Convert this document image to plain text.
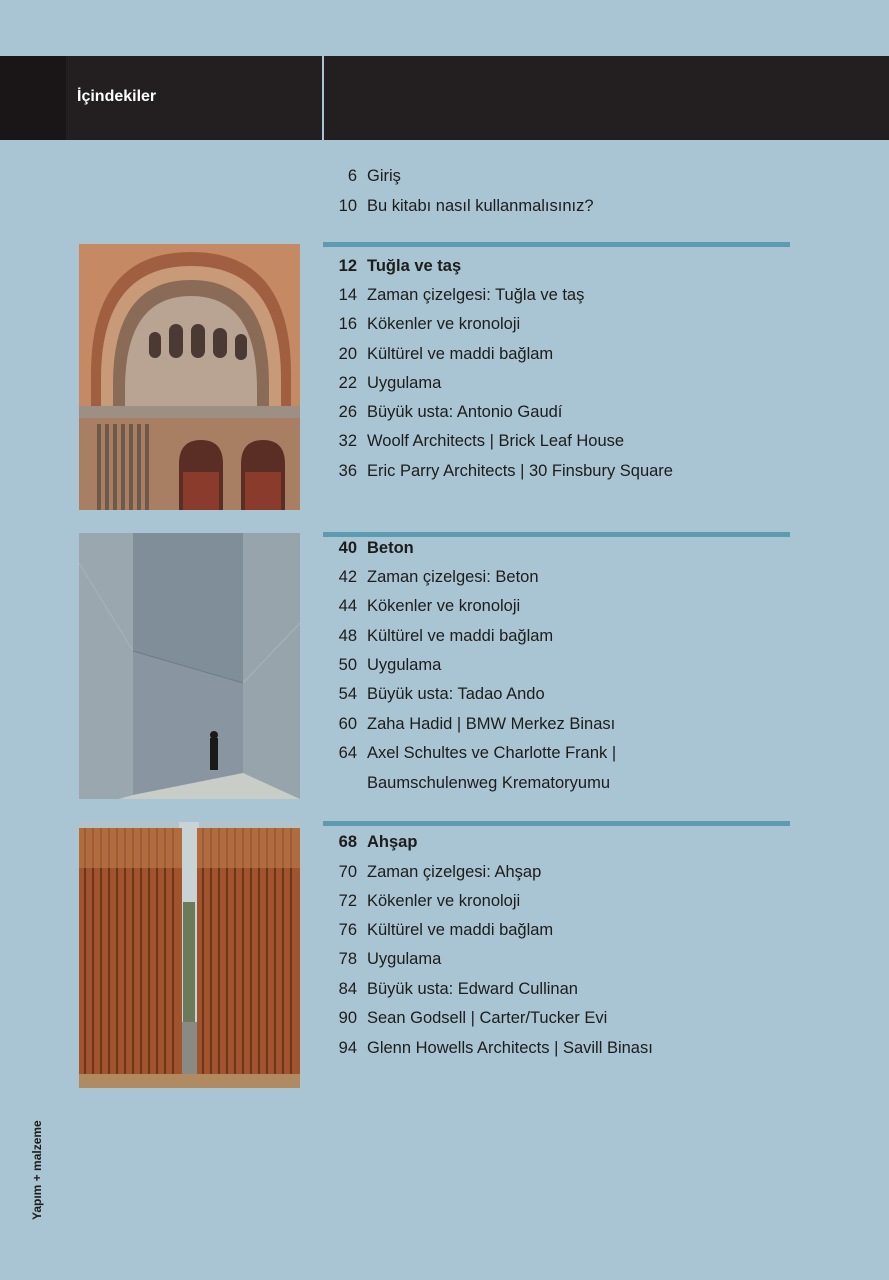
İçindekiler
6 Giriş
10 Bu kitabı nasıl kullanmalısınız?
12 Tuğla ve taş
14 Zaman çizelgesi: Tuğla ve taş
16 Kökenler ve kronoloji
20 Kültürel ve maddi bağlam
22 Uygulama
26 Büyük usta: Antonio Gaudí
32 Woolf Architects | Brick Leaf House
36 Eric Parry Architects | 30 Finsbury Square
40 Beton
42 Zaman çizelgesi: Beton
44 Kökenler ve kronoloji
48 Kültürel ve maddi bağlam
50 Uygulama
54 Büyük usta: Tadao Ando
60 Zaha Hadid | BMW Merkez Binası
64 Axel Schultes ve Charlotte Frank |
Baumschulenweg Krematoryumu
68 Ahşap
70 Zaman çizelgesi: Ahşap
72 Kökenler ve kronoloji
76 Kültürel ve maddi bağlam
78 Uygulama
84 Büyük usta: Edward Cullinan
90 Sean Godsell | Carter/Tucker Evi
94 Glenn Howells Architects | Savill Binası
Yapım + malzeme
